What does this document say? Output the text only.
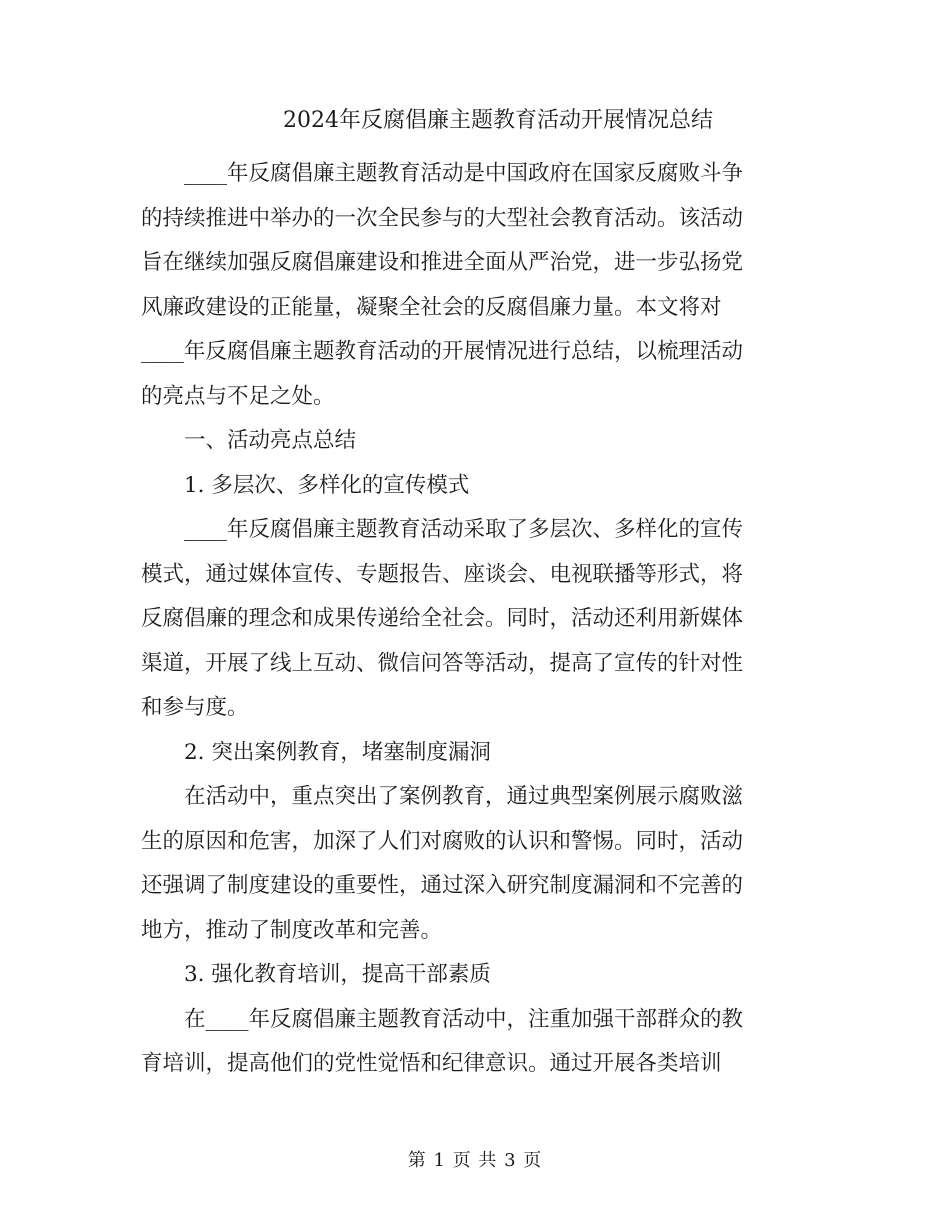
2024年反腐倡廉主题教育活动开展情况总结
____年反腐倡廉主题教育活动是中国政府在国家反腐败斗争
的持续推进中举办的一次全民参与的大型社会教育活动。该活动
旨在继续加强反腐倡廉建设和推进全面从严治党，进一步弘扬党
风廉政建设的正能量，凝聚全社会的反腐倡廉力量。本文将对
____年反腐倡廉主题教育活动的开展情况进行总结，以梳理活动
的亮点与不足之处。

一、活动亮点总结

1. 多层次、多样化的宣传模式

____年反腐倡廉主题教育活动采取了多层次、多样化的宣传
模式，通过媒体宣传、专题报告、座谈会、电视联播等形式，将
反腐倡廉的理念和成果传递给全社会。同时，活动还利用新媒体
渠道，开展了线上互动、微信问答等活动，提高了宣传的针对性
和参与度。

2. 突出案例教育，堵塞制度漏洞

在活动中，重点突出了案例教育，通过典型案例展示腐败滋
生的原因和危害，加深了人们对腐败的认识和警惕。同时，活动
还强调了制度建设的重要性，通过深入研究制度漏洞和不完善的
地方，推动了制度改革和完善。

3. 强化教育培训，提高干部素质

在____年反腐倡廉主题教育活动中，注重加强干部群众的教
育培训，提高他们的党性觉悟和纪律意识。通过开展各类培训
第 1 页 共 3 页
